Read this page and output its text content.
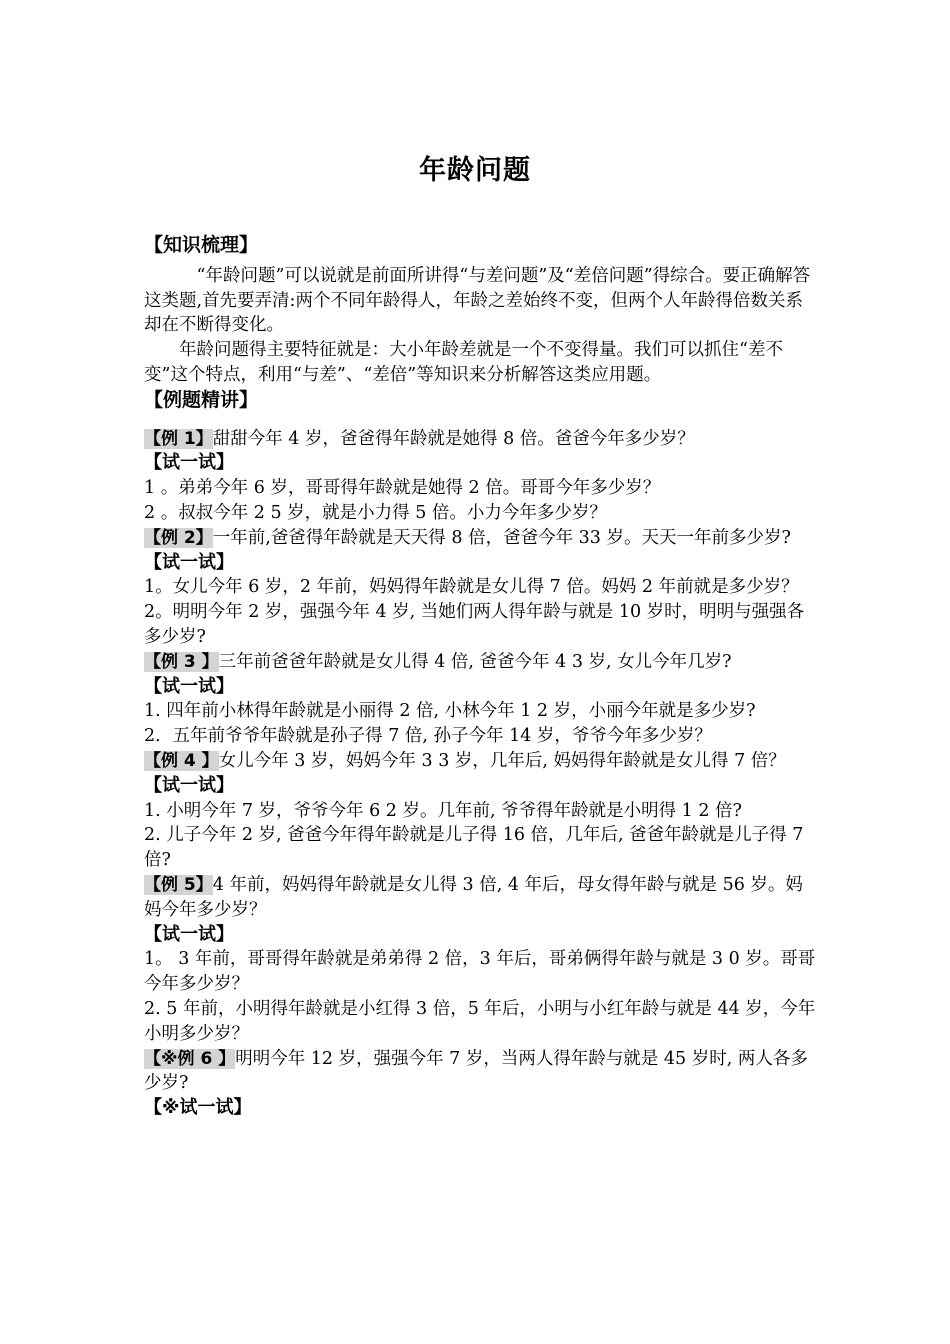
年龄问题

【知识梳理】

“年龄问题”可以说就是前面所讲得“与差问题”及“差倍问题”得综合。要正确解答这类题,首先要弄清:两个不同年龄得人，年龄之差始终不变，但两个人年龄得倍数关系却在不断得变化。

年龄问题得主要特征就是：大小年龄差就是一个不变得量。我们可以抓住“差不变”这个特点，利用“与差”、“差倍”等知识来分析解答这类应用题。

【例题精讲】

【例 1】甜甜今年 4 岁，爸爸得年龄就是她得 8 倍。爸爸今年多少岁？

【试一试】

1 。弟弟今年 6 岁，哥哥得年龄就是她得 2 倍。哥哥今年多少岁？

2 。叔叔今年 2 5 岁，就是小力得 5 倍。小力今年多少岁？

【例 2】一年前,爸爸得年龄就是天天得 8 倍，爸爸今年 33 岁。天天一年前多少岁?

【试一试】

1。女儿今年 6 岁，2 年前，妈妈得年龄就是女儿得 7 倍。妈妈 2 年前就是多少岁？

2。明明今年 2 岁，强强今年 4 岁, 当她们两人得年龄与就是 10 岁时，明明与强强各多少岁?

【例 3 】三年前爸爸年龄就是女儿得 4 倍, 爸爸今年 4 3 岁, 女儿今年几岁?

【试一试】

1. 四年前小林得年龄就是小丽得 2 倍, 小林今年 1 2 岁，小丽今年就是多少岁?

2．五年前爷爷年龄就是孙子得 7 倍, 孙子今年 14 岁，爷爷今年多少岁？

【例 4 】女儿今年 3 岁，妈妈今年 3 3 岁，几年后, 妈妈得年龄就是女儿得 7 倍？

【试一试】

1. 小明今年 7 岁，爷爷今年 6 2 岁。几年前, 爷爷得年龄就是小明得 1 2 倍?

2. 儿子今年 2 岁, 爸爸今年得年龄就是儿子得 16 倍，几年后, 爸爸年龄就是儿子得 7 倍?

【例 5】4 年前，妈妈得年龄就是女儿得 3 倍, 4 年后，母女得年龄与就是 56 岁。妈妈今年多少岁？

【试一试】

1。 3 年前，哥哥得年龄就是弟弟得 2 倍，3 年后，哥弟俩得年龄与就是 3 0 岁。哥哥今年多少岁？

2. 5 年前，小明得年龄就是小红得 3 倍，5 年后，小明与小红年龄与就是 44 岁，今年小明多少岁？

【※例 6 】明明今年 12 岁，强强今年 7 岁，当两人得年龄与就是 45 岁时, 两人各多少岁?

【※试一试】
